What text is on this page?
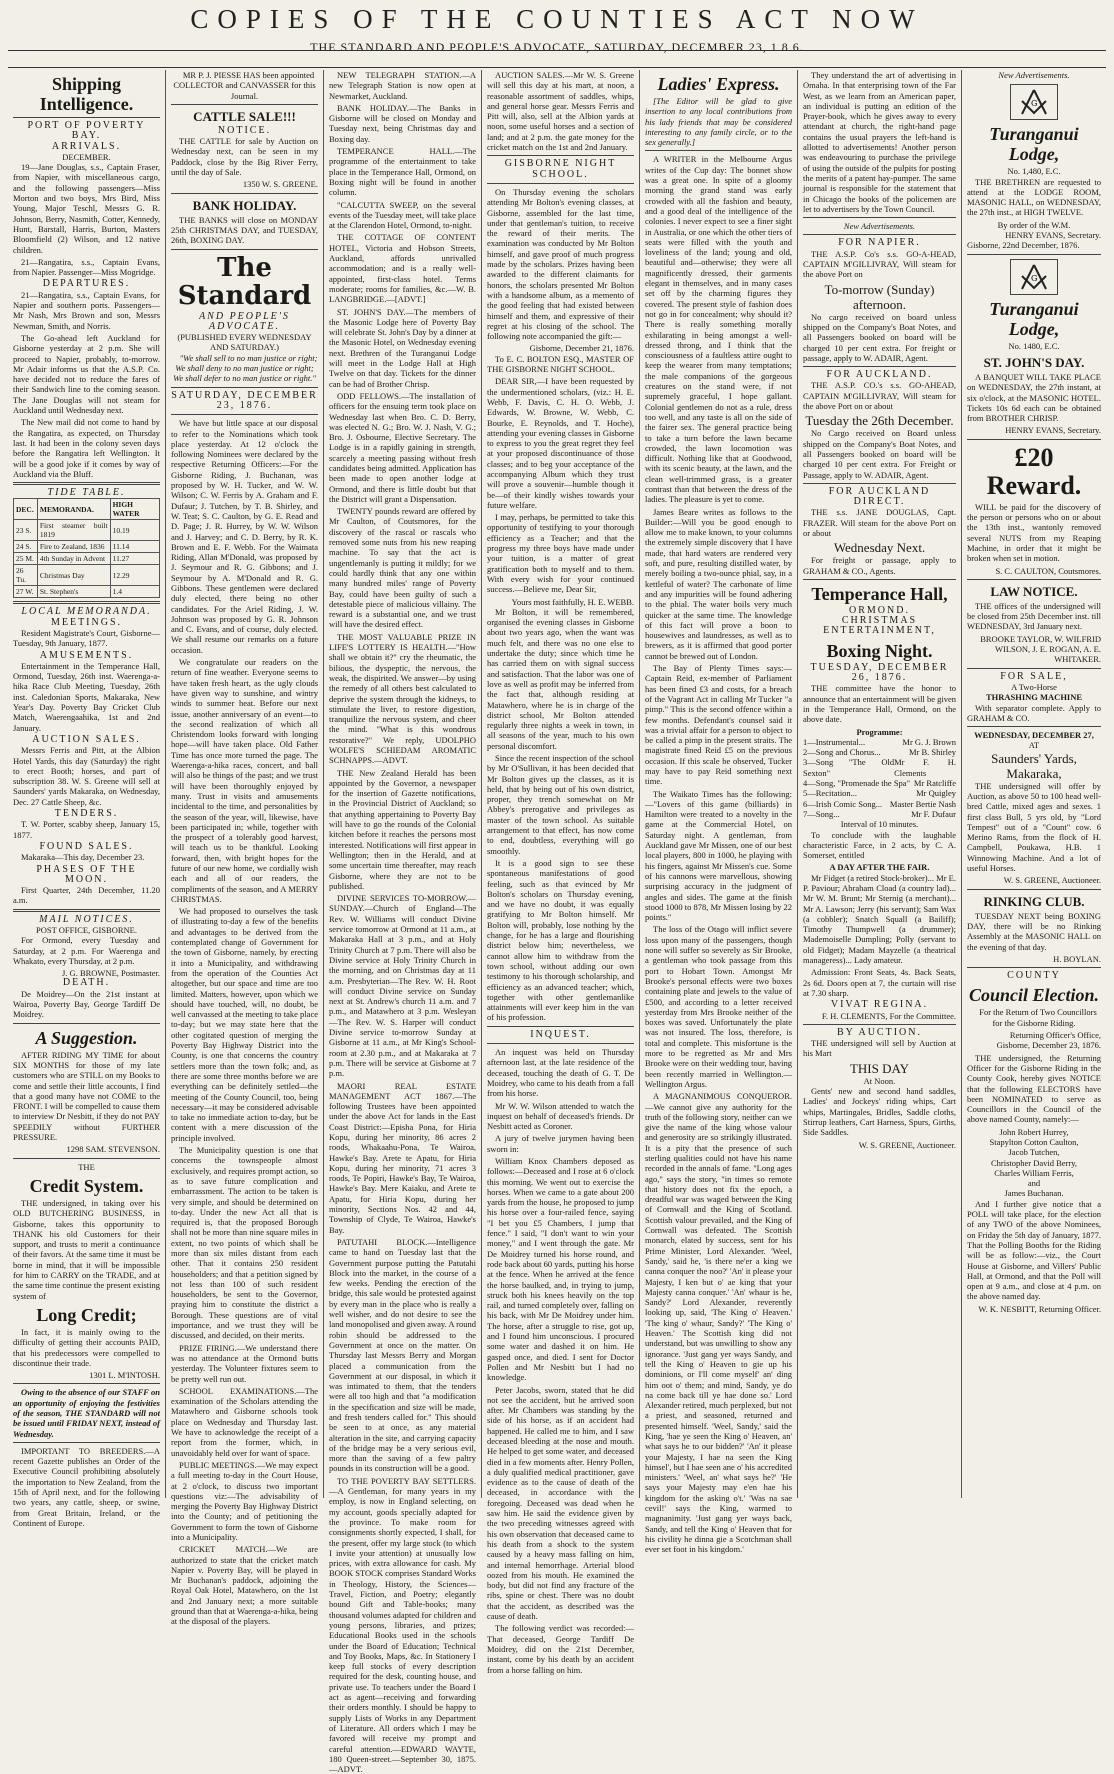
COPIES OF THE COUNTIES ACT NOW
THE STANDARD AND PEOPLE'S ADVOCATE, SATURDAY, DECEMBER 23, 1 8 6.
Shipping Intelligence.
PORT OF POVERTY BAY.
ARRIVALS.
DECEMBER.

19—Jane Douglas, s.s., Captain Fraser, from Napier, with miscellaneous cargo, and the following passengers—Miss Morton and two boys, Mrs Bird, Miss Young, Major Teschl, Messrs G. R. Johnson, Berry, Nasmith, Cotter, Kennedy, Hunt, Barstall, Harris, Burton, Masters Bloomfield (2) Wilson, and 12 native children.

21—Rangatira, s.s., Captain Evans, from Napier. Passenger—Miss Mogridge.

DEPARTURES.

21—Rangatira, s.s., Captain Evans, for Napier and southern ports. Passengers—Mr Nash, Mrs Brown and son, Messrs Newman, Smith, and Norris.

The Go-ahead left Auckland for Gisborne yesterday at 2 p.m. She will proceed to Napier, probably, to-morrow. Mr Adair informs us that the A.S.P. Co. have decided not to reduce the fares of their Sandwich line to the coming season. The Jane Douglas will not steam for Auckland until Wednesday next.

The New mail did not come to hand by the Rangatira, as expected, on Thursday last. It had been in the colony seven days before the Rangatira left Wellington. It will be a good joke if it comes by way of Auckland via the Bluff.

TIDE TABLE.
DEC.	MEMORANDA.	HIGH WATER
23 S.	First steamer built 1819	10.19
24 S.	Fire to Zealand, 1836	11.14
25 M.	4th Sunday in Advent	11.27
26 Tu.	Christmas Day	12.29
27 W.	St. Stephen's	1.4
LOCAL MEMORANDA.
MEETINGS.

Resident Magistrate's Court, Gisborne—Tuesday, 9th January, 1877.

AMUSEMENTS.

Entertainment in the Temperance Hall, Ormond, Tuesday, 26th inst. Waerenga-a-hika Race Club Meeting, Tuesday, 26th inst. Caledonian Sports, Makaraka, New Year's Day. Poverty Bay Cricket Club Match, Waerengaahika, 1st and 2nd January.

AUCTION SALES.

Messrs Ferris and Pitt, at the Albion Hotel Yards, this day (Saturday) the right to erect Booth; horses, and part of subscription 38. W. S. Greene will sell at Saunders' yards Makaraka, on Wednesday, Dec. 27 Cattle Sheep, &c.

TENDERS.

T. W. Porter, scabby sheep, January 15, 1877.

FOUND SALES.

Makaraka—This day, December 23.

PHASES OF THE MOON.

First Quarter, 24th December, 11.20 a.m.

MAIL NOTICES.
POST OFFICE, GISBORNE.

For Ormond, every Tuesday and Saturday, at 2 p.m. For Waerenga and Whakato, every Thursday, at 2 p.m.

J. G. BROWNE, Postmaster.
DEATH.

De Moidrey—On the 21st instant at Wairoa, Poverty Bay, George Tardiff De Moidrey.

A Suggestion.

AFTER RIDING MY TIME for about SIX MONTHS for those of my late customers who are STILL on my Books to come and settle their little accounts, I find that a good many have not COME to the FRONT. I will be compelled to cause them to interview Dr Nesbitt, if they do not PAY SPEEDILY without FURTHER PRESSURE.

1298 SAM. STEVENSON.
THE
Credit System.

THE undersigned, in taking over his OLD BUTCHERING BUSINESS, in Gisborne, takes this opportunity to THANK his old Customers for their support, and trusts to merit a continuance of their favors. At the same time it must be borne in mind, that it will be impossible for him to CARRY on the TRADE, and at the same time continue the present existing system of

Long Credit;

In fact, it is mainly owing to the difficulty of getting their accounts PAID, that his predecessors were compelled to discontinue their trade.

1301 L. M'INTOSH.

Owing to the absence of our STAFF on an opportunity of enjoying the festivities of the season, THE STANDARD will not be issued until FRIDAY NEXT, instead of Wednesday.

IMPORTANT TO BREEDERS.—A recent Gazette publishes an Order of the Executive Council prohibiting absolutely the importation to New Zealand, from the 15th of April next, and for the following two years, any cattle, sheep, or swine, from Great Britain, Ireland, or the Continent of Europe.

MR P. J. PIESSE HAS been appointed COLLECTOR and CANVASSER for this Journal.

CATTLE SALE!!!
NOTICE.

THE CATTLE for sale by Auction on Wednesday next, can be seen in my Paddock, close by the Big River Ferry, until the day of Sale.

1350 W. S. GREENE.
BANK HOLIDAY.

THE BANKS will close on MONDAY 25th CHRISTMAS DAY, and TUESDAY, 26th, BOXING DAY.

The Standard
AND PEOPLE'S ADVOCATE.
(PUBLISHED EVERY WEDNESDAY AND SATURDAY.)

"We shall sell to no man justice or right; We shall deny to no man justice or right; We shall defer to no man justice or right."

SATURDAY, DECEMBER 23, 1876.

We have but little space at our disposal to refer to the Nominations which took place yesterday. At 12 o'clock the following Nominees were declared by the respective Returning Officers:—For the Gisborne Riding, J. Buchanan, was proposed by W. H. Tucker, and W. W. Wilson; C. W. Ferris by A. Graham and F. Dufaur; J. Tutchen, by T. B. Shirley, and W. Teat; S. C. Caulton, by G. E. Read and D. Page; J. R. Hurrey, by W. W. Wilson and J. Harvey; and C. D. Berry, by R. K. Brown and E. F. Webb. For the Waimata Riding, Allan M'Donald, was proposed by J. Seymour and R. G. Gibbons; and J. Seymour by A. M'Donald and R. G. Gibbons. These gentlemen were declared duly elected, there being no other candidates. For the Ariel Riding, J. W. Johnson was proposed by G. R. Johnson and C. Evans, and of course, duly elected. We shall resume our remarks on a future occasion.

We congratulate our readers on the return of fine weather. Everyone seems to have taken fresh heart, as the ugly clouds have given way to sunshine, and wintry winds to summer heat. Before our next issue, another anniversary of an event—to the second realization of which all Christendom looks forward with longing hope—will have taken place. Old Father Time has once more turned the page. The Waerenga-a-hika races, concert, and ball will also be things of the past; and we trust will have been thoroughly enjoyed by many. Trust in visits and amusements incidental to the time, and personalities by the season of the year, will, likewise, have been participated in; while, together with the prospect of a tolerably good harvest, will teach us to be thankful. Looking forward, then, with bright hopes for the future of our new home, we cordially wish each and all of our readers, the compliments of the season, and A MERRY CHRISTMAS.

We had proposed to ourselves the task of illustrating to-day a few of the benefits and advantages to be derived from the contemplated change of Government for the town of Gisborne, namely, by erecting it into a Municipality, and withdrawing from the operation of the Counties Act altogether, but our space and time are too limited. Matters, however, upon which we should have touched, will, no doubt, be well canvassed at the meeting to take place to-day; but we may state here that the other cogitated question of merging the Poverty Bay Highway District into the County, is one that concerns the country settlers more than the town folk; and, as there are some three months before we are everything can be definitely settled—the meeting of the County Council, too, being necessary—it may be considered advisable to take no immediate action to-day, but be content with a mere discussion of the principle involved.

The Municipality question is one that concerns the townspeople almost exclusively, and requires prompt action, so as to save future complication and embarrassment. The action to be taken is very simple, and should be determined on to-day. Under the new Act all that is required is, that the proposed Borough shall not be more than nine square miles in extent, no two points of which shall be more than six miles distant from each other. That it contains 250 resident householders; and that a petition signed by not less than 100 of such resident householders, be sent to the Governor, praying him to constitute the district a Borough. These questions are of vital importance, and we trust they will be discussed, and decided, on their merits.

PRIZE FIRING.—We understand there was no attendance at the Ormond butts yesterday. The Volunteer fixtures seem to be pretty well run out.

SCHOOL EXAMINATIONS.—The examination of the Scholars attending the Matawhero and Gisborne schools took place on Wednesday and Thursday last. We have to acknowledge the receipt of a report from the former, which, in unavoidably held over for want of space.

PUBLIC MEETINGS.—We may expect a full meeting to-day in the Court House, at 2 o'clock, to discuss two important questions viz:—The advisability of merging the Poverty Bay Highway District into the County; and of petitioning the Government to form the town of Gisborne into a Municipality.

CRICKET MATCH.—We are authorized to state that the cricket match Napier v. Poverty Bay, will be played in Mr Buchanan's paddock, adjoining the Royal Oak Hotel, Matawhero, on the 1st and 2nd January next; a more suitable ground than that at Waerenga-a-hika, being at the disposal of the players.

NEW TELEGRAPH STATION.—A new Telegraph Station is now open at Newmarket, Auckland.

BANK HOLIDAY.—The Banks in Gisborne will be closed on Monday and Tuesday next, being Christmas day and Boxing day.

TEMPERANCE HALL.—The programme of the entertainment to take place in the Temperance Hall, Ormond, on Boxing night will be found in another column.

"CALCUTTA SWEEP, on the several events of the Tuesday meet, will take place at the Clarendon Hotel, Ormond, to-night.

THE COTTAGE OF CONTENT HOTEL, Victoria and Hobson Streets, Auckland, affords unrivalled accommodation; and is a really well-appointed, first-class hotel. Terms moderate; rooms for families, &c.—W. B. LANGBRIDGE.—[ADVT.]

ST. JOHN'S DAY.—The members of the Masonic Lodge here of Poverty Bay will celebrate St. John's Day by a dinner at the Masonic Hotel, on Wednesday evening next. Brethren of the Turanganui Lodge will meet in the Lodge Hall at High Twelve on that day. Tickets for the dinner can be had of Brother Chrisp.

ODD FELLOWS.—The installation of officers for the ensuing term took place on Wednesday last when Bro. C. D. Berry, was elected N. G.; Bro. W. J. Nash, V. G.; Bro. J. Osbourne, Elective Secretary. The Lodge is in a rapidly gaining in strength, scarcely a meeting passing without fresh candidates being admitted. Application has been made to open another lodge at Ormond, and there is little doubt but that the District will grant a Dispensation.

TWENTY pounds reward are offered by Mr Caulton, of Coutsmores, for the discovery of the rascal or rascals who removed some nuts from his new reaping machine. To say that the act is ungentlemanly is putting it mildly; for we could hardly think that any one within many hundred miles' range of Poverty Bay, could have been guilty of such a detestable piece of malicious villainy. The reward is a substantial one, and we trust will have the desired effect.

THE MOST VALUABLE PRIZE IN LIFE'S LOTTERY IS HEALTH.—"How shall we obtain it?" cry the rheumatic, the bilious, the dyspeptic, the nervous, the weak, the dispirited. We answer—by using the remedy of all others best calculated to deprive the system through the kidneys, to stimulate the liver, to restore digestion, tranquilize the nervous system, and cheer the mind. "What is this wondrous restorative?" We reply, UDOLPHO WOLFE'S SCHIEDAM AROMATIC SCHNAPPS.—ADVT.

THE New Zealand Herald has been appointed by the Governor, a newspaper for the insertion of Gazette notifications, in the Provincial District of Auckland; so that anything appertaining to Poverty Bay will have to go the rounds of the Colonial kitchen before it reaches the persons most interested. Notifications will first appear in Wellington; then in the Herald, and at some uncertain time thereafter, may reach Gisborne, where they are not to be published.

DIVINE SERVICES TO-MORROW.—SUNDAY.—Church of England—The Rev. W. Williams will conduct Divine service tomorrow at Ormond at 11 a.m., at Makaraka Hall at 3 p.m., and at Holy Trinity Church at 7 p.m. There will also be Divine service at Holy Trinity Church in the morning, and on Christmas day at 11 a.m. Presbyterian—The Rev. W. H. Root will conduct Divine service on Sunday next at St. Andrew's church 11 a.m. and 7 p.m., and Matawhero at 3 p.m. Wesleyan—The Rev. W. S. Harper will conduct Divine service to-morrow Sunday at Gisborne at 11 a.m., at Mr King's School-room at 2.30 p.m., and at Makaraka at 7 p.m. There will be service at Gisborne at 7 p.m.

MAORI REAL ESTATE MANAGEMENT ACT 1867.—The following Trustees have been appointed under the above Act for lands in the East Coast District:—Episha Pona, for Hiria Kopu, during her minority, 86 acres 2 roods, Whakaahu-Pona, Te Wairoa, Hawke's Bay. Arete te Apatu, for Hiria Kopu, during her minority, 71 acres 3 roods, Te Popiri, Hawke's Bay, Te Wairoa, Hawke's Bay. Mere Kaiaku, and Arete te Apatu, for Hiria Kopu, during her minority, Sections Nos. 42 and 44, Township of Clyde, Te Wairoa, Hawke's Bay.

PATUTAHI BLOCK.—Intelligence came to hand on Tuesday last that the Government purpose putting the Patutahi Block into the market, in the course of a few weeks. Pending the erection of the bridge, this sale would be protested against by every man in the place who is really a well wisher, and do not desire to see the land monopolised and given away. A round robin should be addressed to the Government at once on the matter. On Thursday last Messrs Berry and Morgan placed a communication from the Government at our disposal, in which it was intimated to them, that the tenders were all too high and that "a modification in the specification and size will be made, and fresh tenders called for." This should be seen to at once, as any material alteration in the site, and carrying capacity of the bridge may be a very serious evil, more than the saving of a few paltry pounds in its construction will be a good.

TO THE POVERTY BAY SETTLERS.—A Gentleman, for many years in my employ, is now in England selecting, on my account, goods specially adapted for the province. To make room for consignments shortly expected, I shall, for the present, offer my large stock (to which I invite your attention) at unusually low prices, with extra allowance for cash. My BOOK STOCK comprises Standard Works in Theology, History, the Sciences—Travel, Fiction, and Poetry; elegantly bound Gift and Table-books; many thousand volumes adapted for children and young persons, libraries, and prizes; Educational Books used in the schools under the Board of Education; Technical and Toy Books, Maps, &c. In Stationery I keep full stocks of every description required for the desk, counting house, and private use. To teachers under the Board I act as agent—receiving and forwarding their orders monthly. I should be happy to supply Lists of Works in any Department of Literature. All orders which I may be favored will receive my prompt and careful attention.—EDWARD WAYTE, 180 Queen-street.—September 30, 1875.—ADVT.

AUCTION SALES.—Mr W. S. Greene will sell this day at his mart, at noon, a reasonable assortment of saddles, whips, and general horse gear. Messrs Ferris and Pitt will, also, sell at the Albion yards at noon, some useful horses and a section of land; and at 2 p.m. the gate money for the cricket match on the 1st and 2nd January.

GISBORNE NIGHT SCHOOL.

On Thursday evening the scholars attending Mr Bolton's evening classes, at Gisborne, assembled for the last time, under that gentleman's tuition, to receive the reward of their merits. The examination was conducted by Mr Bolton himself, and gave proof of much progress made by the scholars. Prizes having been awarded to the different claimants for honors, the scholars presented Mr Bolton with a handsome album, as a memento of the good feeling that had existed between himself and them, and expressive of their regret at his closing of the school. The following note accompanied the gift:—

Gisborne, December 21, 1876.

To E. C. BOLTON ESQ., MASTER OF THE GISBORNE NIGHT SCHOOL.

DEAR SIR,—I have been requested by the undermentioned scholars, (viz.: H. E. Webb, F. Davis, C. H. O. Webb, J. Edwards, W. Browne, W. Webb, C. Bourke, E. Reynolds, and T. Hoche), attending your evening classes in Gisborne to express to you the great regret they feel at your proposed discontinuance of those classes; and to beg your acceptance of the accompanying Album which they trust will prove a souvenir—humble though it be—of their kindly wishes towards your future welfare.

I may, perhaps, be permitted to take this opportunity of testifying to your thorough efficiency as a Teacher; and that the progress my three boys have made under your tuition, is a matter of great gratification both to myself and to them. With every wish for your continued success.—Believe me, Dear Sir,

Yours most faithfully, H. E. WEBB.

Mr Bolton, it will be remembered, organised the evening classes in Gisborne about two years ago, when the want was much felt, and there was no one else to undertake the duty; since which time he has carried them on with signal success and satisfaction. That the labor was one of love as well as profit may be inferred from the fact that, although residing at Matawhero, where he is in charge of the district school, Mr Bolton attended regularly three nights a week in town, in all seasons of the year, much to his own personal discomfort.

Since the recent inspection of the school by Mr O'Sullivan, it has been decided that Mr Bolton gives up the classes, as it is held, that by being out of his own district, proper, they trench somewhat on Mr Abbey's prerogative and privileges as master of the town school. As suitable arrangement to that effect, has now come to end, doubtless, everything will go smoothly.

It is a good sign to see these spontaneous manifestations of good feeling, such as that evinced by Mr Bolton's scholars on Thursday evening, and we have no doubt, it was equally gratifying to Mr Bolton himself. Mr Bolton will, probably, lose nothing by the change, for he has a large and flourishing district below him; nevertheless, we cannot allow him to withdraw from the town school, without adding our own testimony to his thorough scholarship, and efficiency as an advanced teacher; which, together with other gentlemanlike attainments will ever keep him in the van of his profession.

INQUEST.

An inquest was held on Thursday afternoon last, at the late residence of the deceased, touching the death of G. T. De Moidrey, who came to his death from a fall from his horse.

Mr W. W. Wilson attended to watch the inquest on behalf of deceased's friends. Dr Nesbitt acted as Coroner.

A jury of twelve jurymen having been sworn in:

William Knox Chambers deposed as follows:—Deceased and I rose at 6 o'clock this morning. We went out to exercise the horses. When we came to a gate about 200 yards from the house, he proposed to jump his horse over a four-railed fence, saying "I bet you £5 Chambers, I jump that fence." I said, "I don't want to win your money," and I went through the gate. Mr De Moidrey turned his horse round, and rode back about 60 yards, putting his horse at the fence. When he arrived at the fence the horse baulked, and, in trying to jump, struck both his knees heavily on the top rail, and turned completely over, falling on his back, with Mr De Moidrey under him. The horse, after a struggle to rise, got up, and I found him unconscious. I procured some water and dashed it on him. He gasped once, and died. I sent for Doctor Pollen and Mr Nesbitt but I had no knowledge.

Peter Jacobs, sworn, stated that he did not see the accident, but he arrived soon after. Mr Chambers was standing by the side of his horse, as if an accident had happened. He called me to him, and I saw deceased bleeding at the nose and mouth. He helped to get some water, and deceased died in a few moments after. Henry Pollen, a duly qualified medical practitioner, gave evidence as to the cause of death of the deceased, in accordance with the foregoing. Deceased was dead when he saw him. He said the evidence given by the two preceding witnesses agreed with his own observation that deceased came to his death from a shock to the system caused by a heavy mass falling on him, and internal hemorrhage. Arterial blood oozed from his mouth. He examined the body, but did not find any fracture of the ribs, spine or chest. There was no doubt that the accident, as described was the cause of death.

The following verdict was recorded:—That deceased, George Tardiff De Moidrey, did on the 21st December, instant, come by his death by an accident from a horse falling on him.

Ladies' Express.

[The Editor will be glad to give insertion to any local contributions from his lady friends that may be considered interesting to any family circle, or to the sex generally.]

A WRITER in the Melbourne Argus writes of the Cup day: The bonnet show was a great one. In spite of a gloomy morning the grand stand was early crowded with all the fashion and beauty, and a good deal of the intelligence of the colonies. I never expect to see a finer sight in Australia, or one which the other tiers of seats were filled with the youth and loveliness of the land; young and old, beautiful and—otherwise; they were all magnificently dressed, their garments elegant in themselves, and in many cases set off by the charming figures they covered. The present style of fashion does not go in for concealment; why should it? There is really something morally exhilarating in being amongst a well-dressed throng, and I think that the consciousness of a faultless attire ought to keep the wearer from many temptations; the male companions of the gorgeous creatures on the stand were, if not supremely graceful, I hope gallant. Colonial gentlemen do not as a rule, dress too well, and any taste is all on the side of the fairer sex. The general practice being to take a turn before the lawn became crowded, the lawn locomotion was difficult. Nothing like that at Goodwood, with its scenic beauty, at the lawn, and the clean well-trimmed grass, is a greater contrast than that between the dress of the ladies. The pleasure is yet to come.

James Beare writes as follows to the Builder:—Will you be good enough to allow me to make known, to your columns the extremely simple discovery that I have made, that hard waters are rendered very soft, and pure, resulting distilled water, by merely boiling a two-ounce phial, say, in a kettleful of water? The carbonate of lime and any impurities will be found adhering to the phial. The water boils very much quicker at the same time. The knowledge of this fact will prove a boon to housewives and laundresses, as well as to brewers, as it is affirmed that good porter cannot be brewed out of London.

The Bay of Plenty Times says:—Captain Reid, ex-member of Parliament has been fined £3 and costs, for a breach of the Vagrant Act in calling Mr Tucker "a pimp." This is the second offence within a few months. Defendant's counsel said it was a trivial affair for a person to object to be called a pimp in the present straits. The magistrate fined Reid £5 on the previous occasion. If this scale be observed, Tucker may have to pay Reid something next time.

The Waikato Times has the following:—"Lovers of this game (billiards) in Hamilton were treated to a novelty in the game at the Commercial Hotel, on Saturday night. A gentleman, from Auckland gave Mr Missen, one of our best local players, 800 in 1000, he playing with his fingers, against Mr Missen's cue. Some of his cannons were marvellous, showing surprising accuracy in the judgment of angles and sides. The game at the finish stood 1000 to 878, Mr Missen losing by 22 points."

The loss of the Otago will inflict severe loss upon many of the passengers, though none will suffer so severely as Sir Brooke, a gentleman who took passage from this port to Hobart Town. Amongst Mr Brooke's personal effects were two boxes containing plate and jewels to the value of £500, and according to a letter received yesterday from Mrs Brooke neither of the boxes was saved. Unfortunately the plate was not insured. The loss, therefore, is total and complete. This misfortune is the more to be regretted as Mr and Mrs Brooke were on their wedding tour, having been recently married in Wellington.—Wellington Argus.

A MAGNANIMOUS CONQUEROR.—We cannot give any authority for the truth of the following story, neither can we give the name of the king whose valour and generosity are so strikingly illustrated. It is a pity that the presence of such sterling qualities could not have his name recorded in the annals of fame. "Long ages ago," says the story, "in times so remote that history does not fix the epoch, a dreadful war was waged between the King of Cornwall and the King of Scotland. Scottish valour prevailed, and the King of Cornwall was defeated. The Scottish monarch, elated by success, sent for his Prime Minister, Lord Alexander. 'Weel, Sandy,' said he, 'is there ne'er a king we canna conquer the noo?' 'An' it please your Majesty, I ken but o' ae king that your Majesty canna conquer.' 'An' whaur is he, Sandy?' Lord Alexander, reverently looking up, said, 'The King o' Heaven.' 'The king o' whaur, Sandy?' 'The King o' Heaven.' The Scottish king did not understand, but was unwilling to show any ignorance. 'Just gang yer ways Sandy, and tell the King o' Heaven to gie up his dominions, or I'll come myself' an' ding him oot o' them; and mind, Sandy, ye do na come back till ye hae done so.' Lord Alexander retired, much perplexed, but not a priest, and seasoned, returned and presented himself. 'Weel, Sandy,' said the King, 'hae ye seen the King o' Heaven, an' what says he to our bidden?' 'An' it please your Majesty, I hae na seen the King himsel', but I hae seen ane o' his accredited ministers.' 'Weel, an' what says he?' 'He says your Majesty may e'en hae his kingdom for the asking o't.' 'Was na sae cevil!' says the King, warmed to magnanimity. 'Just gang yer ways back, Sandy, and tell the King o' Heaven that for his civility he dinna gie a Scotchman shall ever set foot in his kingdom.'

They understand the art of advertising in Omaha. In that enterprising town of the Far West, as we learn from an American paper, an individual is putting an edition of the Prayer-book, which he gives away to every attendant at church, the right-hand page contains the usual prayers the left-hand is allotted to advertisements! Another person was endeavouring to purchase the privilege of using the outside of the pulpits for posting the merits of a patent hay-pumper. The same journal is responsible for the statement that in Chicago the books of the policemen are let to advertisers by the Town Council.

New Advertisements.
FOR NAPIER.

THE A.S.P. Co's s.s. GO-A-HEAD, CAPTAIN M'GILLIVRAY, Will steam for the above Port on

To-morrow (Sunday) afternoon.

No cargo received on board unless shipped on the Company's Boat Notes, and all Passengers booked on board will be charged 10 per cent extra. For freight or passage, apply to W. ADAIR, Agent.

FOR AUCKLAND.

THE A.S.P. CO.'s s.s. GO-AHEAD, CAPTAIN M'GILLIVRAY, Will steam for the above Port on or about

Tuesday the 26th December.

No Cargo received on Board unless shipped on the Company's Boat Notes, and all Passengers booked on board will be charged 10 per cent extra. For Freight or Passage, apply to W. ADAIR, Agent.

FOR AUCKLAND DIRECT.

THE s.s. JANE DOUGLAS, Capt. FRAZER. Will steam for the above Port on or about

Wednesday Next.

For freight or passage, apply to GRAHAM & CO., Agents.

Temperance Hall,
ORMOND.
CHRISTMAS ENTERTAINMENT,
Boxing Night.
TUESDAY, DECEMBER 26, 1876.

THE committee have the honor to announce that an entertainment will be given in the Temperance Hall, Ormond, on the above date.

Programme:
1—Instrumental...	Mr G. J. Brown
2—Song and Chorus...	Mr B. Shirley
3—Song "The Old Sexton"
Mr F. H. Clements
4—Song, "Promenade the Spa" Mr Ratcliffe
5—Recitation...	Mr Quigley
6—Irish Comic Song... Master Bertie Nash
7—Song...	Mr F. Dufaur
Interval of 10 minutes.

To conclude with the laughable characteristic Farce, in 2 acts, by C. A. Somerset, entitled

A DAY AFTER THE FAIR.

Mr Fidget (a retired Stock-broker)... Mr E. P. Paviour; Abraham Cload (a country lad)... Mr W. M. Brunt; Mr Sternig (a merchant)... Mr A. Lawson; Jerry (his servant); Sam Wax (a cobbler); Snatch Squall (a Bailiff); Timothy Thumpwell (a drummer); Mademoiselle Dumpling; Polly (servant to old Fidget); Madam Mayzelle (a theatrical manageress)... Lady amateur.

Admission: Front Seats, 4s. Back Seats, 2s 6d. Doors open at 7, the curtain will rise at 7.30 sharp.

VIVAT REGINA.
F. H. CLEMENTS, For the Committee.
BY AUCTION.

THE undersigned will sell by Auction at his Mart

THIS DAY
At Noon.

Gents' new and second hand saddles, Ladies' and Jockeys' riding whips, Cart whips, Martingales, Bridles, Saddle cloths, Stirrup leathers, Cart Harness, Spurs, Girths, Side Saddles.

W. S. GREENE, Auctioneer.
New Advertisements.
G
Turanganui Lodge,
No. 1,480, E.C.

THE BRETHREN are requested to attend at the LODGE ROOM, MASONIC HALL, on WEDNESDAY, the 27th inst., at HIGH TWELVE.

By order of the W.M.
HENRY EVANS, Secretary.
Gisborne, 22nd December, 1876.
G
Turanganui Lodge,
No. 1480, E.C.
ST. JOHN'S DAY.

A BANQUET WILL TAKE PLACE on WEDNESDAY, the 27th instant, at six o'clock, at the MASONIC HOTEL. Tickets 10s 6d each can be obtained from BROTHER CHRISP.

HENRY EVANS, Secretary.
£20 Reward.

WILL be paid for the discovery of the person or persons who on or about the 13th inst., wantonly removed several NUTS from my Reaping Machine, in order that it might be broken when set in motion.

S. C. CAULTON, Coutsmores.
LAW NOTICE.

THE offices of the undersigned will be closed from 25th December inst. till WEDNESDAY, 3rd January next.

BROOKE TAYLOR, W. WILFRID WILSON, J. E. ROGAN, A. E. WHITAKER.

FOR SALE,
A Two-Horse
THRASHING MACHINE

With separator complete. Apply to GRAHAM & CO.

WEDNESDAY, DECEMBER 27,
AT
Saunders' Yards, Makaraka,

THE undersigned will offer by Auction, as above 50 to 100 head well-bred Cattle, mixed ages and sexes. 1 first class Bull, 5 yrs old, by "Lord Tempest" out of a "Count" cow. 6 Merino Rams, from the flock of H. Campbell, Poukawa, H.B. 1 Winnowing Machine. And a lot of useful Horses.

W. S. GREENE, Auctioneer.
RINKING CLUB.

TUESDAY NEXT being BOXING DAY, there will be no Rinking Assembly at the MASONIC HALL on the evening of that day.

H. BOYLAN.
COUNTY
Council Election.

For the Return of Two Councillors for the Gisborne Riding.

Returning Officer's Office, Gisborne, December 23, 1876.

THE undersigned, the Returning Officer for the Gisborne Riding in the County Cook, hereby gives NOTICE that the following ELECTORS have been NOMINATED to serve as Councillors in the Council of the above named County, namely:—

John Robert Hurrey,
Stapylton Cotton Caulton,
Jacob Tutchen,
Christopher David Berry,
Charles William Ferris,
and
James Buchanan.

And I further give notice that a POLL will take place, for the election of any TWO of the above Nominees, on Friday the 5th day of January, 1877. That the Polling Booths for the Riding will be as follow:—viz., the Court House at Gisborne, and Villers' Public Hall, at Ormond, and that the Poll will open at 9 a.m., and close at 4 p.m. on the above named day.

W. K. NESBITT, Returning Officer.
